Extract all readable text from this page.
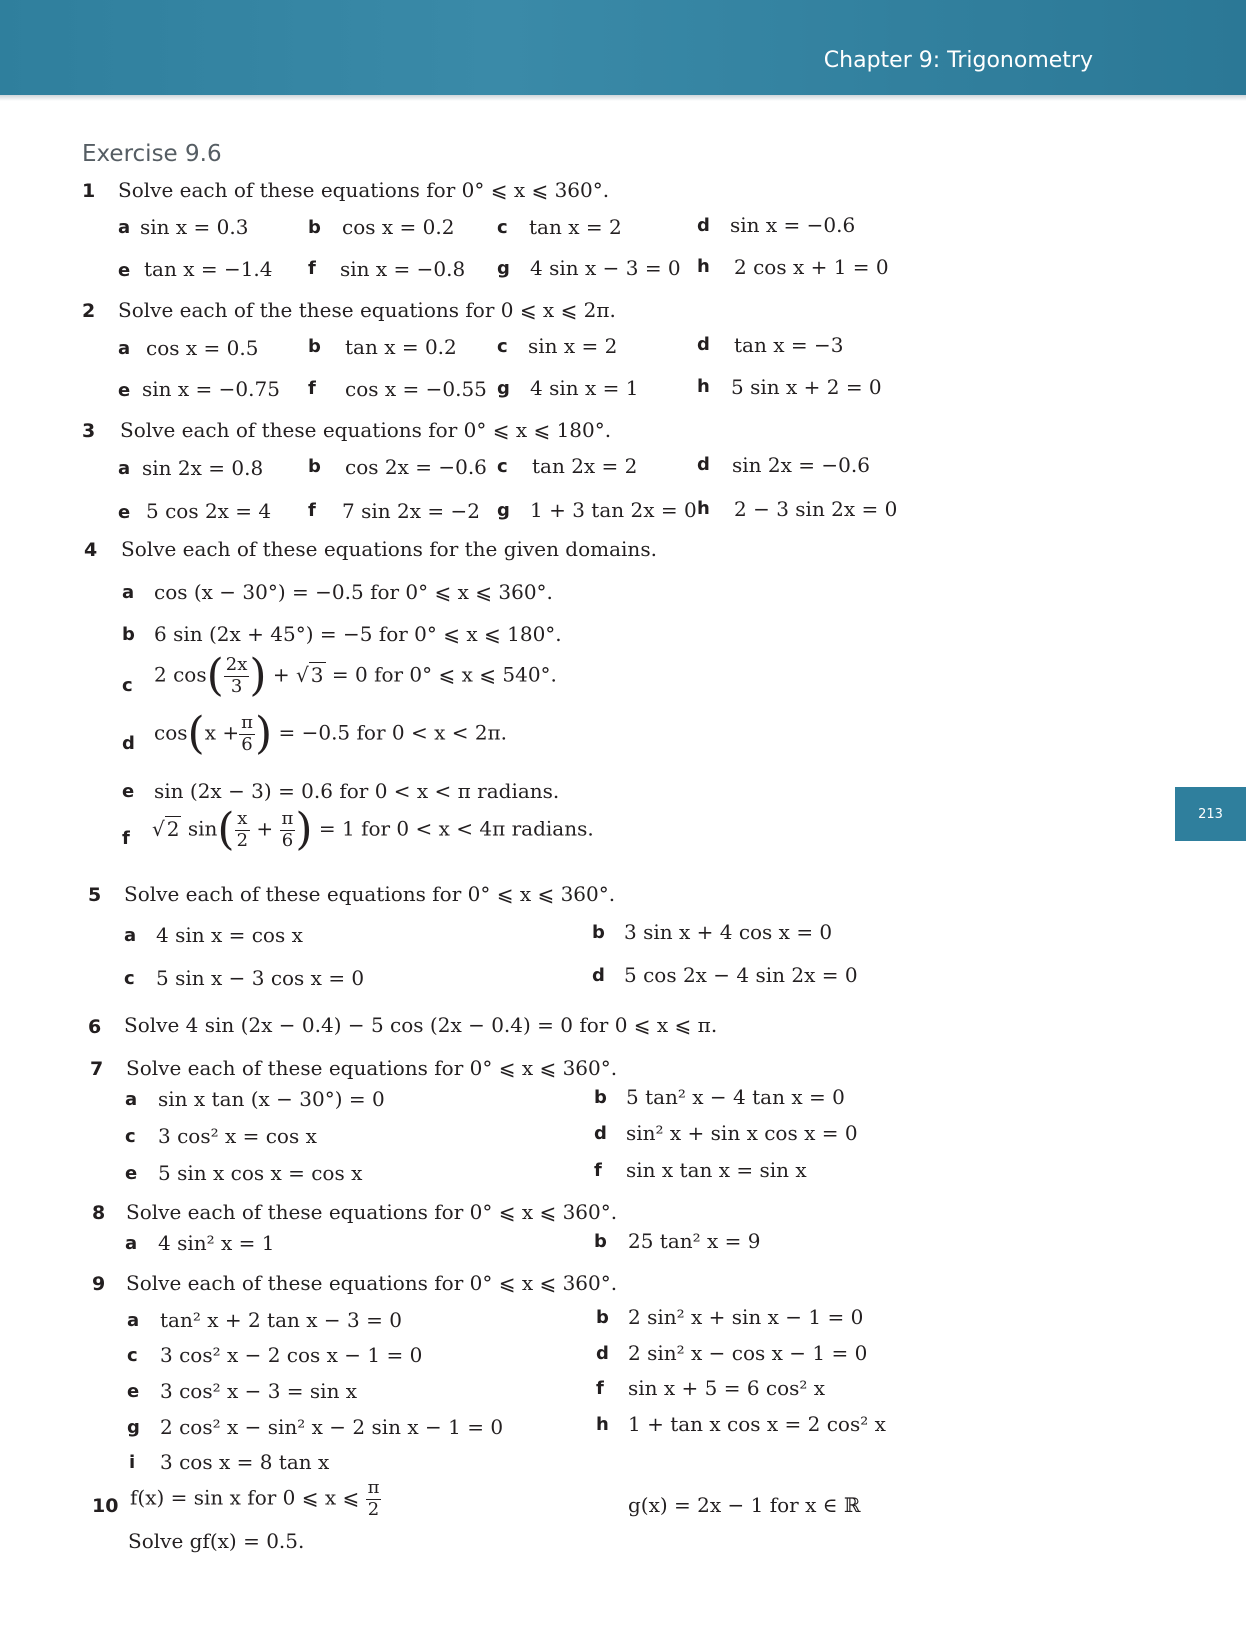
Chapter 9: Trigonometry
213
Exercise 9.6
1 Solve each of these equations for 0° ⩽ x ⩽ 360°.
a sin x = 0.3	b cos x = 0.2 c tan x = 2	d sin x = −0.6
e tan x = −1.4 f sin x = −0.8 g 4 sin x − 3 = 0 h 2 cos x + 1 = 0
2 Solve each of the these equations for 0 ⩽ x ⩽ 2π.
a cos x = 0.5	b tan x = 0.2 c sin x = 2	d tan x = −3
e sin x = −0.75 f cos x = −0.55 g 4 sin x = 1	h 5 sin x + 2 = 0
3 Solve each of these equations for 0° ⩽ x ⩽ 180°.
a sin 2x = 0.8 b cos 2x = −0.6 c tan 2x = 2	d sin 2x = −0.6
e 5 cos 2x = 4 f 7 sin 2x = −2 g 1 + 3 tan 2x = 0 h 2 − 3 sin 2x = 0
4 Solve each of these equations for the given domains.
a cos (x − 30°) = −0.5 for 0° ⩽ x ⩽ 360°.
b 6 sin (2x + 45°) = −5 for 0° ⩽ x ⩽ 180°.
c 2 $\cos( \frac{2x}{3}$ ) + √ 3 = 0 for 0° ⩽ x ⩽ 540°.
d $\cos(x + \frac{\pi}{6}$ ) = −0.5 for 0 < x < 2π.
e sin (2x − 3) = 0.6 for 0 < x < π radians.
f √ 2 $\sin( \frac{x}{2} + \frac{\pi}{6}$ ) = 1 for 0 < x < 4π radians.
5 Solve each of these equations for 0° ⩽ x ⩽ 360°.
a 4 sin x = cos x	b 3 sin x + 4 cos x = 0
c 5 sin x − 3 cos x = 0	d 5 cos 2x − 4 sin 2x = 0
6 Solve 4 sin (2x − 0.4) − 5 cos (2x − 0.4) = 0 for 0 ⩽ x ⩽ π.
7 Solve each of these equations for 0° ⩽ x ⩽ 360°.
a sin x tan (x − 30°) = 0	b 5 tan² x − 4 tan x = 0
c 3 cos² x = cos x	d sin² x + sin x cos x = 0
e 5 sin x cos x = cos x	f sin x tan x = sin x
8 Solve each of these equations for 0° ⩽ x ⩽ 360°.
a 4 sin² x = 1	b 25 tan² x = 9
9 Solve each of these equations for 0° ⩽ x ⩽ 360°.
a tan² x + 2 tan x − 3 = 0	b 2 sin² x + sin x − 1 = 0
c 3 cos² x − 2 cos x − 1 = 0	d 2 sin² x − cos x − 1 = 0
e 3 cos² x − 3 = sin x	f sin x + 5 = 6 cos² x
g 2 cos² x − sin² x − 2 sin x − 1 = 0	h 1 + tan x cos x = 2 cos² x
i 3 cos x = 8 tan x
10 f(x) = sin x for 0 ⩽ x ⩽ $\frac{\pi}{2}$	g(x) = 2x − 1 for x ∈ ℝ
Solve gf(x) = 0.5.
